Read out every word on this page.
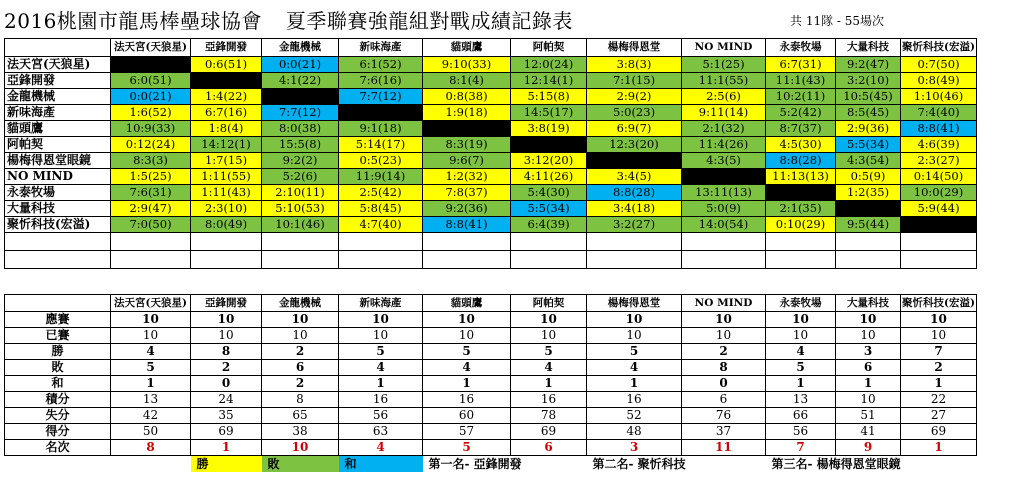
2016桃園市龍馬棒壘球協會 夏季聯賽強龍組對戰成績記錄表	共 11隊 - 55場次
	法天宮(天狼星)	亞鋒開發	金龍機械	新味海產	貓頭鷹	阿帕契	楊梅得恩堂	NO MIND	永泰牧場	大量科技	聚忻科技(宏溢)
法天宮(天狼星)		0:6(51)	0:0(21)	6:1(52)	9:10(33)	12:0(24)	3:8(3)	5:1(25)	6:7(31)	9:2(47)	0:7(50)
亞鋒開發	6:0(51)		4:1(22)	7:6(16)	8:1(4)	12:14(1)	7:1(15)	11:1(55)	11:1(43)	3:2(10)	0:8(49)
金龍機械	0:0(21)	1:4(22)		7:7(12)	0:8(38)	5:15(8)	2:9(2)	2:5(6)	10:2(11)	10:5(45)	1:10(46)
新味海產	1:6(52)	6:7(16)	7:7(12)		1:9(18)	14:5(17)	5:0(23)	9:11(14)	5:2(42)	8:5(45)	7:4(40)
貓頭鷹	10:9(33)	1:8(4)	8:0(38)	9:1(18)		3:8(19)	6:9(7)	2:1(32)	8:7(37)	2:9(36)	8:8(41)
阿帕契	0:12(24)	14:12(1)	15:5(8)	5:14(17)	8:3(19)		12:3(20)	11:4(26)	4:5(30)	5:5(34)	4:6(39)
楊梅得恩堂眼鏡	8:3(3)	1:7(15)	9:2(2)	0:5(23)	9:6(7)	3:12(20)		4:3(5)	8:8(28)	4:3(54)	2:3(27)
NO MIND	1:5(25)	1:11(55)	5:2(6)	11:9(14)	1:2(32)	4:11(26)	3:4(5)		11:13(13)	0:5(9)	0:14(50)
永泰牧場	7:6(31)	1:11(43)	2:10(11)	2:5(42)	7:8(37)	5:4(30)	8:8(28)	13:11(13)		1:2(35)	10:0(29)
大量科技	2:9(47)	2:3(10)	5:10(53)	5:8(45)	9:2(36)	5:5(34)	3:4(18)	5:0(9)	2:1(35)		5:9(44)
聚忻科技(宏溢)	7:0(50)	8:0(49)	10:1(46)	4:7(40)	8:8(41)	6:4(39)	3:2(27)	14:0(54)	0:10(29)	9:5(44)	

	法天宮(天狼星)	亞鋒開發	金龍機械	新味海產	貓頭鷹	阿帕契	楊梅得恩堂	NO MIND	永泰牧場	大量科技	聚忻科技(宏溢)
應賽	10	10	10	10	10	10	10	10	10	10	10
已賽	10	10	10	10	10	10	10	10	10	10	10
勝	4	8	2	5	5	5	5	2	4	3	7
敗	5	2	6	4	4	4	4	8	5	6	2
和	1	0	2	1	1	1	1	0	1	1	1
積分	13	24	8	16	16	16	16	6	13	10	22
失分	42	35	65	56	60	78	52	76	66	51	27
得分	50	69	38	63	57	69	48	37	56	41	69
名次	8	1	10	4	5	6	3	11	7	9	1
		勝	敗	和	第一名- 亞鋒開發		第二名- 聚忻科技		第三名- 楊梅得恩堂眼鏡		
